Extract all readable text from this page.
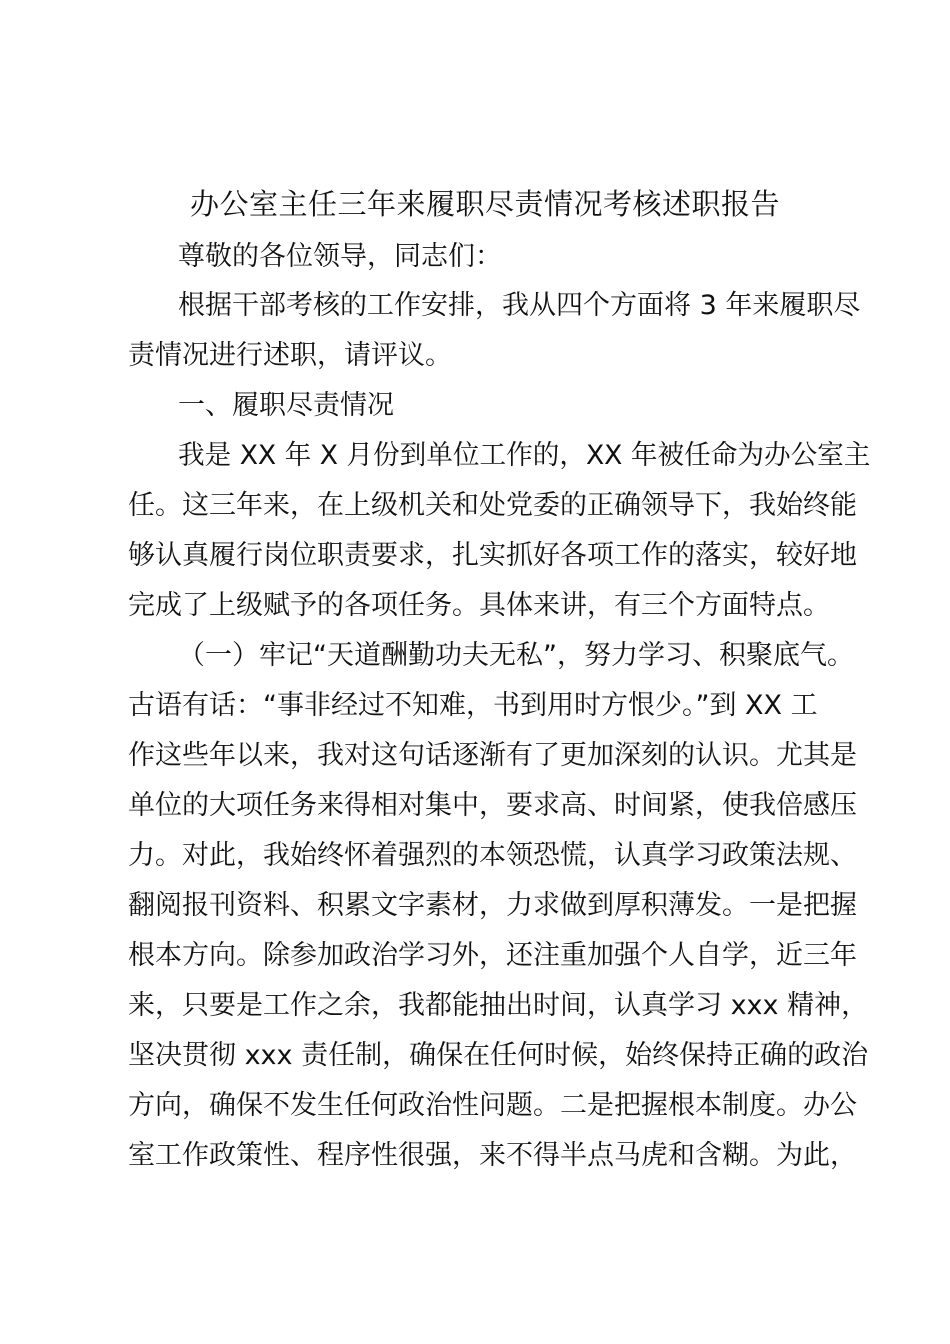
办公室主任三年来履职尽责情况考核述职报告
尊敬的各位领导，同志们：
根据干部考核的工作安排，我从四个方面将 3 年来履职尽
责情况进行述职，请评议。
一、履职尽责情况
我是 XX 年 X 月份到单位工作的，XX 年被任命为办公室主
任。这三年来，在上级机关和处党委的正确领导下，我始终能
够认真履行岗位职责要求，扎实抓好各项工作的落实，较好地
完成了上级赋予的各项任务。具体来讲，有三个方面特点。
（一）牢记“天道酬勤功夫无私”，努力学习、积聚底气。
古语有话：“事非经过不知难，书到用时方恨少。”到 XX 工
作这些年以来，我对这句话逐渐有了更加深刻的认识。尤其是
单位的大项任务来得相对集中，要求高、时间紧，使我倍感压
力。对此，我始终怀着强烈的本领恐慌，认真学习政策法规、
翻阅报刊资料、积累文字素材，力求做到厚积薄发。一是把握
根本方向。除参加政治学习外，还注重加强个人自学，近三年
来，只要是工作之余，我都能抽出时间，认真学习 xxx 精神，
坚决贯彻 xxx 责任制，确保在任何时候，始终保持正确的政治
方向，确保不发生任何政治性问题。二是把握根本制度。办公
室工作政策性、程序性很强，来不得半点马虎和含糊。为此，
